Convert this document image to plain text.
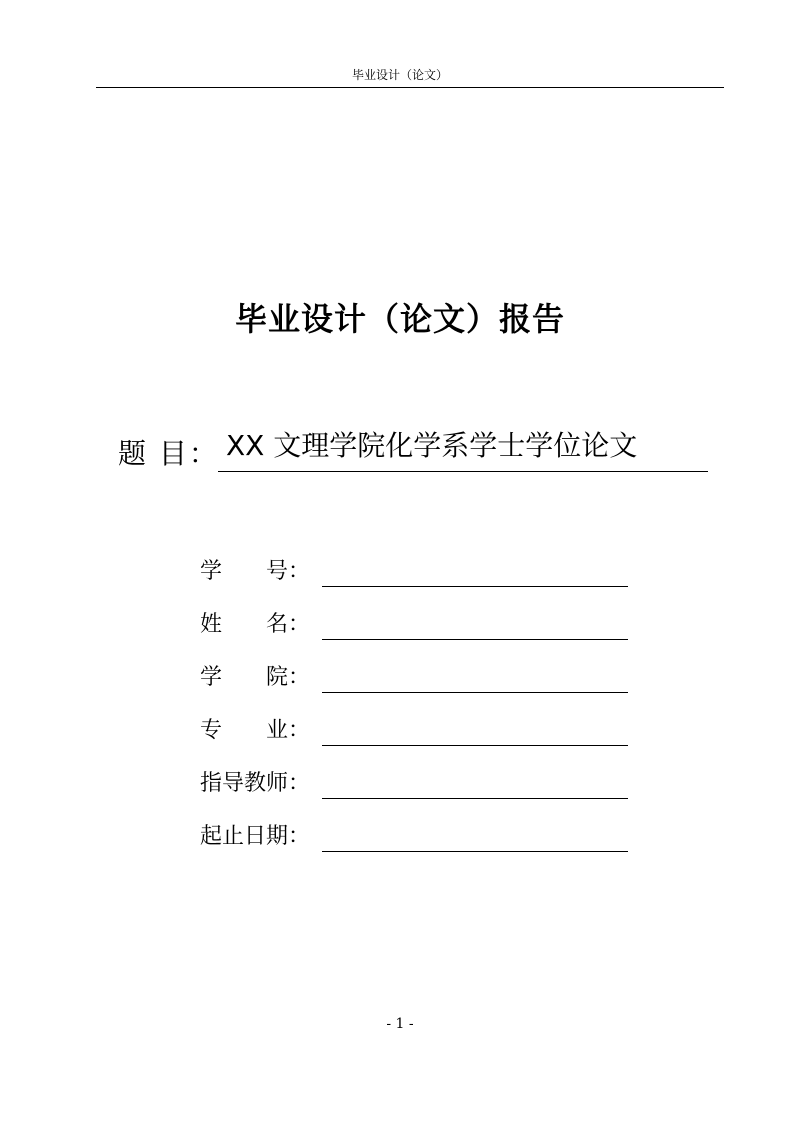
毕业设计（论文）
毕业设计（论文）报告
题 目： XX 文理学院化学系学士学位论文
学　　号：
姓　　名：
学　　院：
专　　业：
指导教师：
起止日期：
- 1 -
